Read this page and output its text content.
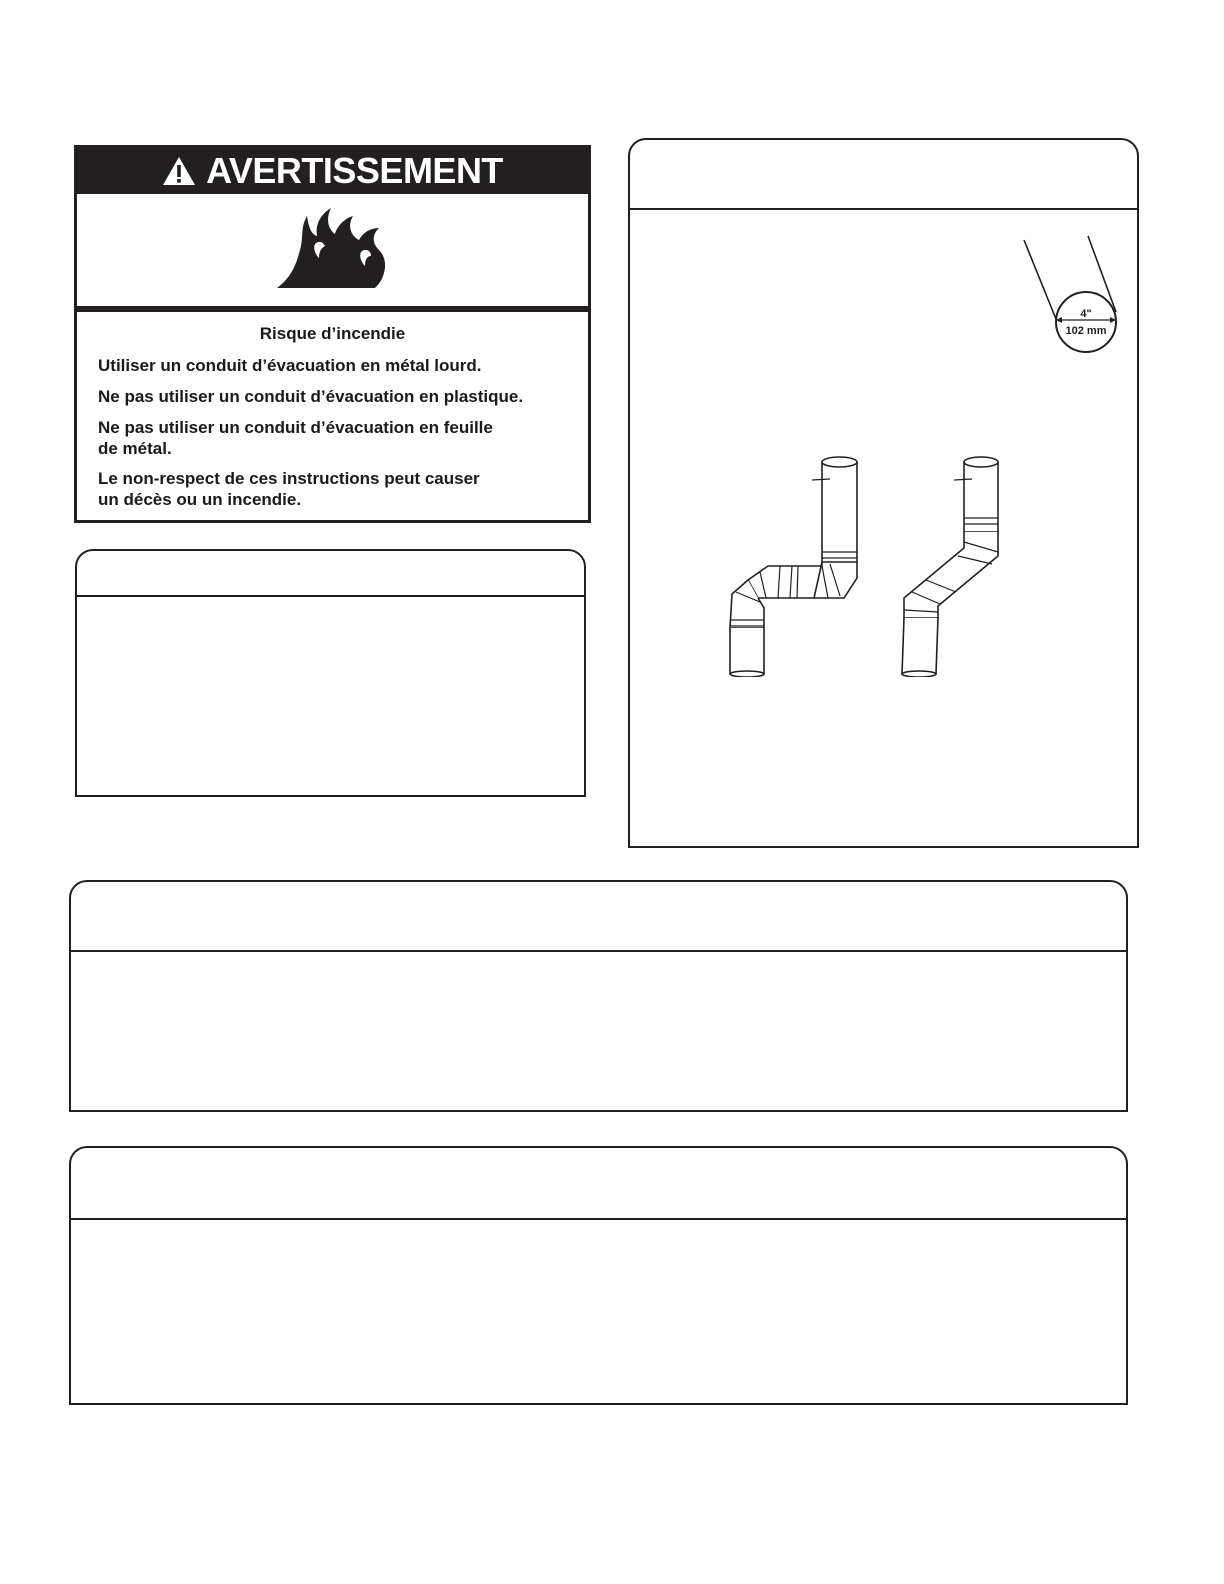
AVERTISSEMENT
Risque d’incendie
Utiliser un conduit d’évacuation en métal lourd.
Ne pas utiliser un conduit d’évacuation en plastique.
Ne pas utiliser un conduit d’évacuation en feuille
de métal.
Le non-respect de ces instructions peut causer
un décès ou un incendie.
4"
102 mm
